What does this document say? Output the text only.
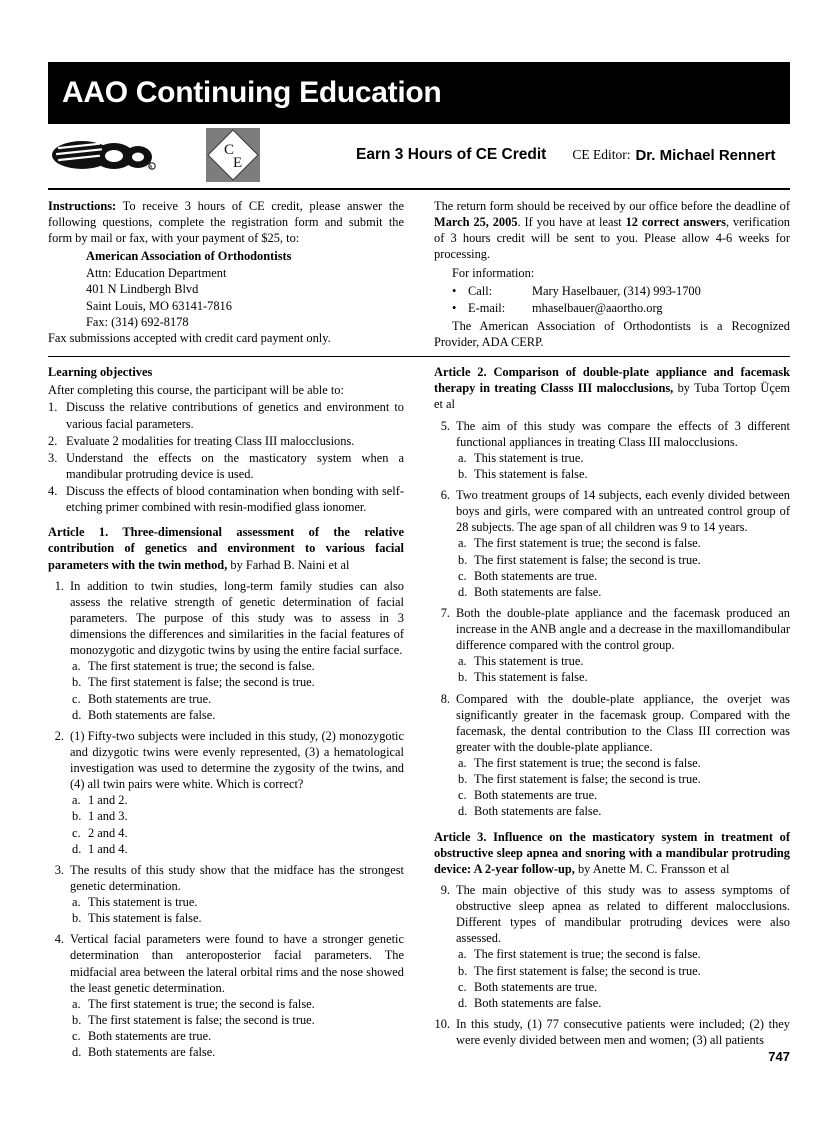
AAO Continuing Education
R
C
E	Earn 3 Hours of CE Credit CE Editor: Dr. Michael Rennert
Instructions: To receive 3 hours of CE credit, please answer the following questions, complete the registration form and submit the form by mail or fax, with your payment of $25, to:
American Association of Orthodontists
Attn: Education Department
401 N Lindbergh Blvd
Saint Louis, MO 63141-7816
Fax: (314) 692-8178
Fax submissions accepted with credit card payment only.
The return form should be received by our office before the deadline of March 25, 2005. If you have at least 12 correct answers, verification of 3 hours credit will be sent to you. Please allow 4-6 weeks for processing.
For information:
• Call:	Mary Haselbauer, (314) 993-1700
• E-mail:	mhaselbauer@aaortho.org
The American Association of Orthodontists is a Recognized Provider, ADA CERP.
Learning objectives
After completing this course, the participant will be able to:
1. Discuss the relative contributions of genetics and environment to various facial parameters.
2. Evaluate 2 modalities for treating Class III malocclusions.
3. Understand the effects on the masticatory system when a mandibular protruding device is used.
4. Discuss the effects of blood contamination when bonding with self-etching primer combined with resin-modified glass ionomer.
Article 1. Three-dimensional assessment of the relative contribution of genetics and environment to various facial parameters with the twin method, by Farhad B. Naini et al
1. In addition to twin studies, long-term family studies can also assess the relative strength of genetic determination of facial parameters. The purpose of this study was to assess in 3 dimensions the differences and similarities in the facial features of monozygotic and dizygotic twins by using the entire facial surface.
a. The first statement is true; the second is false.
b. The first statement is false; the second is true.
c. Both statements are true.
d. Both statements are false.
2. (1) Fifty-two subjects were included in this study, (2) monozygotic and dizygotic twins were evenly represented, (3) a hematological investigation was used to determine the zygosity of the twins, and (4) all twin pairs were white. Which is correct?
a. 1 and 2.
b. 1 and 3.
c. 2 and 4.
d. 1 and 4.
3. The results of this study show that the midface has the strongest genetic determination.
a. This statement is true.
b. This statement is false.
4. Vertical facial parameters were found to have a stronger genetic determination than anteroposterior facial parameters. The midfacial area between the lateral orbital rims and the nose showed the least genetic determination.
a. The first statement is true; the second is false.
b. The first statement is false; the second is true.
c. Both statements are true.
d. Both statements are false.
Article 2. Comparison of double-plate appliance and facemask therapy in treating Classs III malocclusions, by Tuba Tortop Üçem et al
5. The aim of this study was compare the effects of 3 different functional appliances in treating Class III malocclusions.
a. This statement is true.
b. This statement is false.
6. Two treatment groups of 14 subjects, each evenly divided between boys and girls, were compared with an untreated control group of 28 subjects. The age span of all children was 9 to 14 years.
a. The first statement is true; the second is false.
b. The first statement is false; the second is true.
c. Both statements are true.
d. Both statements are false.
7. Both the double-plate appliance and the facemask produced an increase in the ANB angle and a decrease in the maxillomandibular difference compared with the control group.
a. This statement is true.
b. This statement is false.
8. Compared with the double-plate appliance, the overjet was significantly greater in the facemask group. Compared with the facemask, the dental contribution to the Class III correction was greater with the double-plate appliance.
a. The first statement is true; the second is false.
b. The first statement is false; the second is true.
c. Both statements are true.
d. Both statements are false.
Article 3. Influence on the masticatory system in treatment of obstructive sleep apnea and snoring with a mandibular protruding device: A 2-year follow-up, by Anette M. C. Fransson et al
9. The main objective of this study was to assess symptoms of obstructive sleep apnea as related to different malocclusions. Different types of mandibular protruding devices were also assessed.
a. The first statement is true; the second is false.
b. The first statement is false; the second is true.
c. Both statements are true.
d. Both statements are false.
10. In this study, (1) 77 consecutive patients were included; (2) they were evenly divided between men and women; (3) all patients
747
